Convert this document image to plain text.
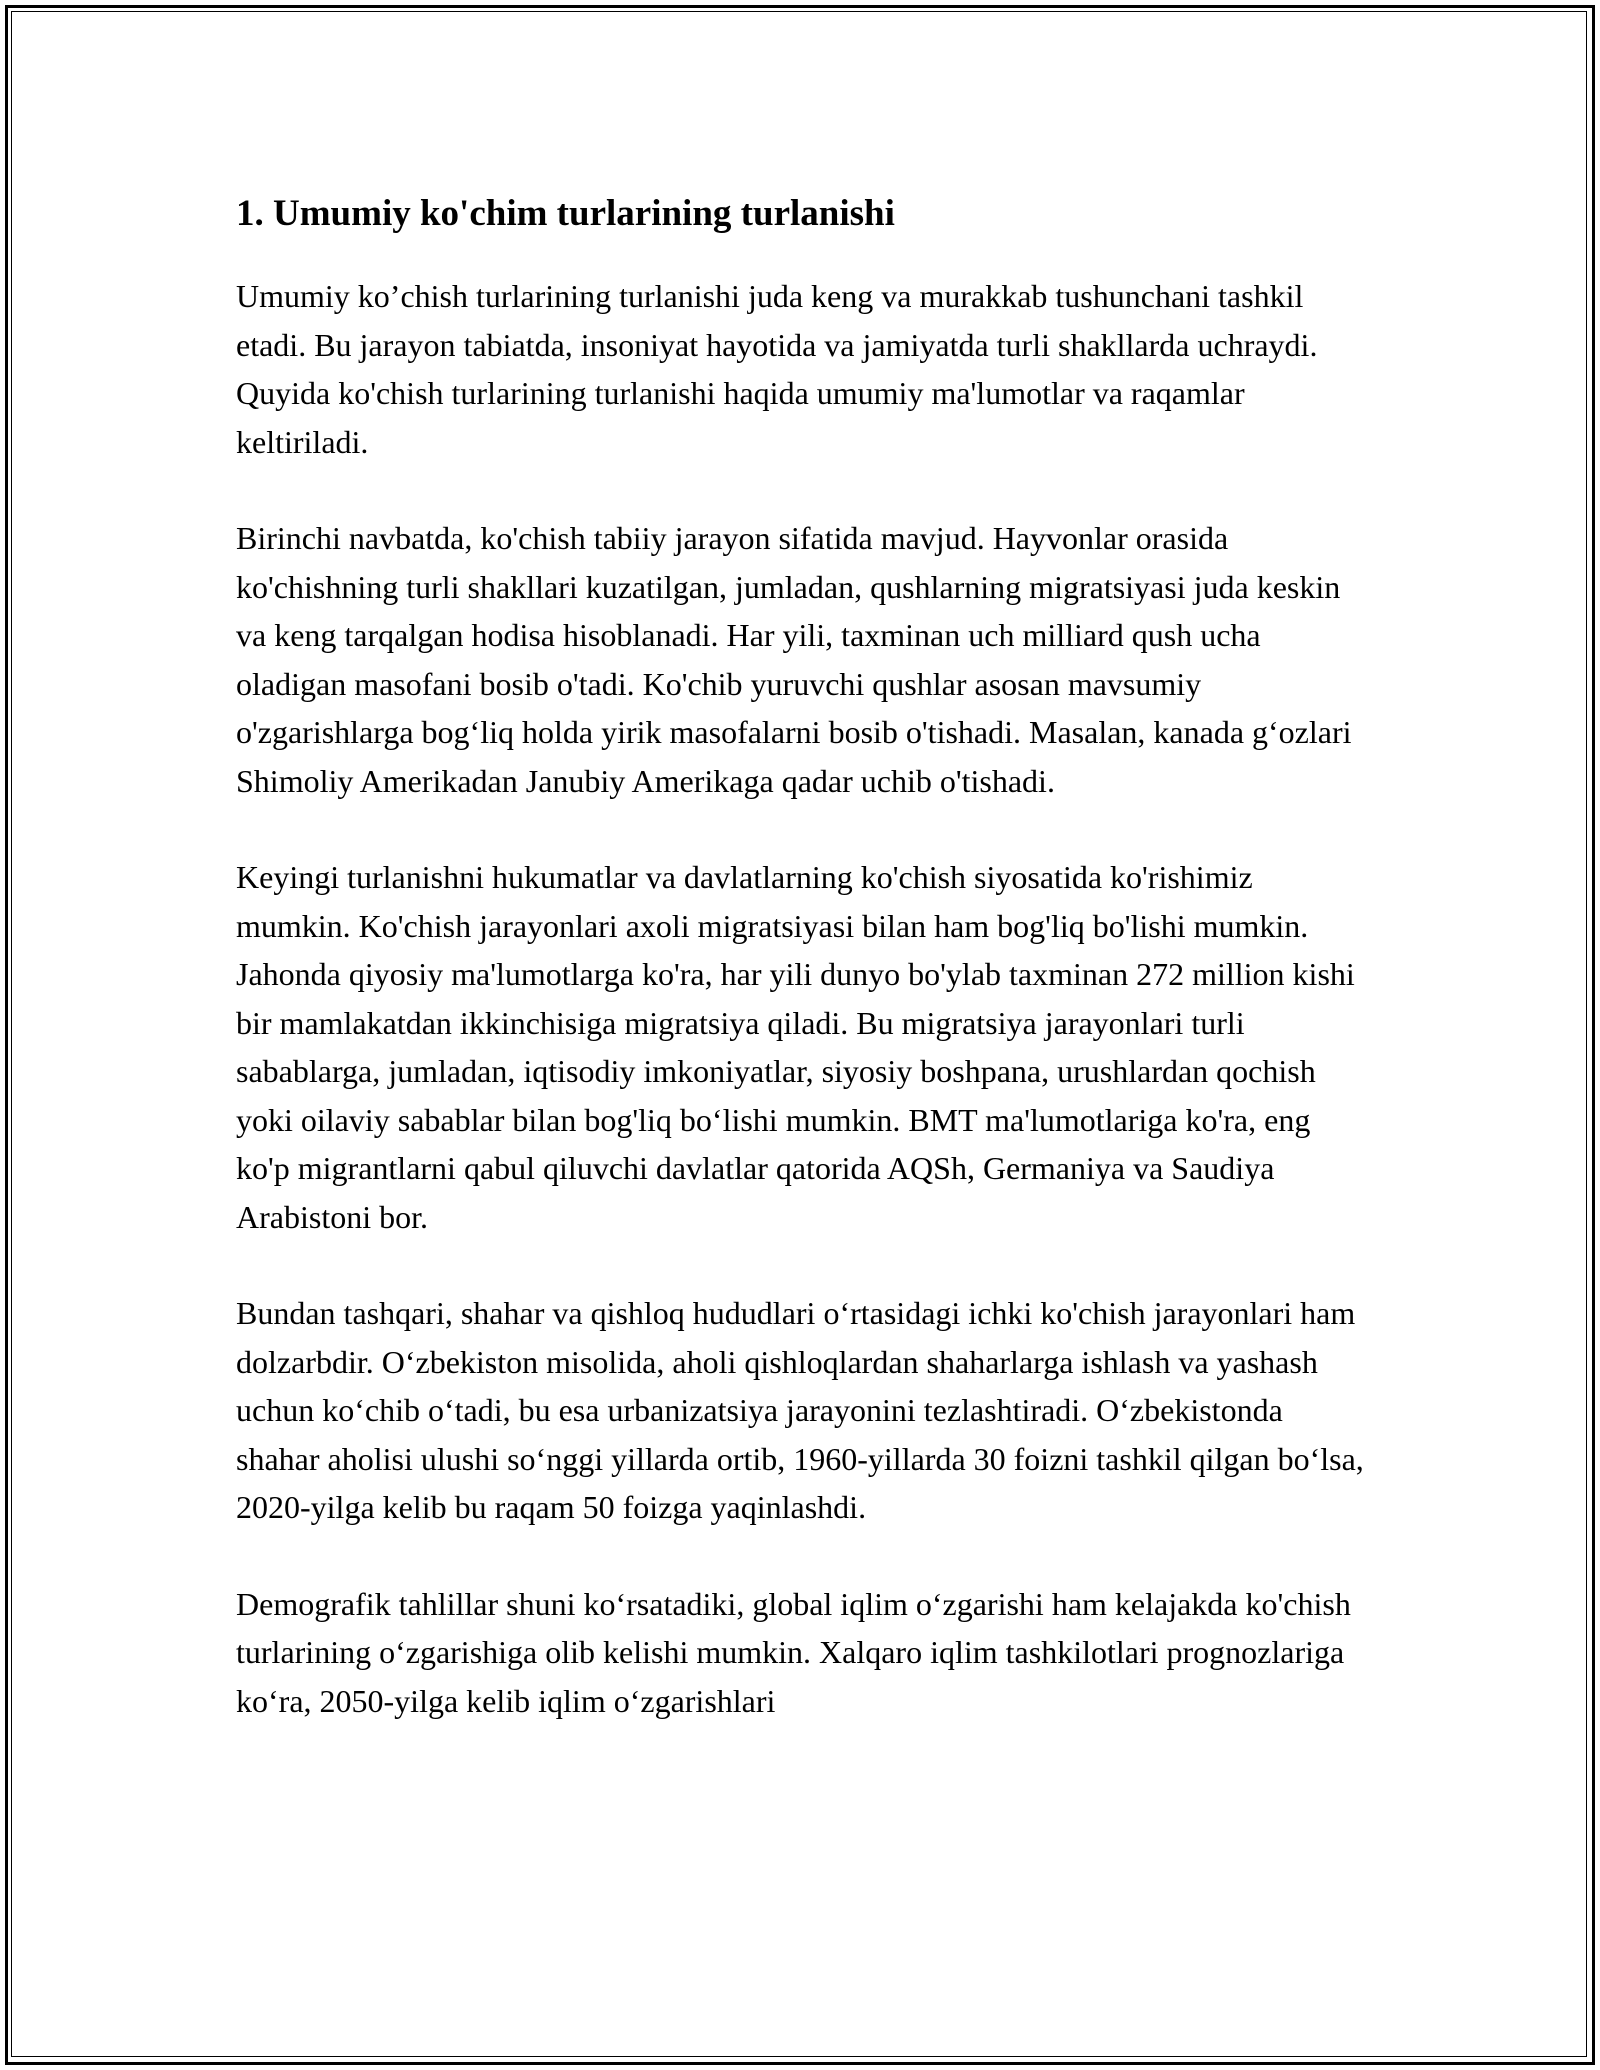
1. Umumiy ko'chim turlarining turlanishi

Umumiy ko’chish turlarining turlanishi juda keng va murakkab tushunchani tashkil etadi. Bu jarayon tabiatda, insoniyat hayotida va jamiyatda turli shakllarda uchraydi. Quyida ko'chish turlarining turlanishi haqida umumiy ma'lumotlar va raqamlar keltiriladi.

Birinchi navbatda, ko'chish tabiiy jarayon sifatida mavjud. Hayvonlar orasida ko'chishning turli shakllari kuzatilgan, jumladan, qushlarning migratsiyasi juda keskin va keng tarqalgan hodisa hisoblanadi. Har yili, taxminan uch milliard qush ucha oladigan masofani bosib o'tadi. Ko'chib yuruvchi qushlar asosan mavsumiy o'zgarishlarga bog‘liq holda yirik masofalarni bosib o'tishadi. Masalan, kanada g‘ozlari Shimoliy Amerikadan Janubiy Amerikaga qadar uchib o'tishadi.

Keyingi turlanishni hukumatlar va davlatlarning ko'chish siyosatida ko'rishimiz mumkin. Ko'chish jarayonlari axoli migratsiyasi bilan ham bog'liq bo'lishi mumkin. Jahonda qiyosiy ma'lumotlarga ko'ra, har yili dunyo bo'ylab taxminan 272 million kishi bir mamlakatdan ikkinchisiga migratsiya qiladi. Bu migratsiya jarayonlari turli sabablarga, jumladan, iqtisodiy imkoniyatlar, siyosiy boshpana, urushlardan qochish yoki oilaviy sabablar bilan bog'liq bo‘lishi mumkin. BMT ma'lumotlariga ko'ra, eng ko'p migrantlarni qabul qiluvchi davlatlar qatorida AQSh, Germaniya va Saudiya Arabistoni bor.

Bundan tashqari, shahar va qishloq hududlari o‘rtasidagi ichki ko'chish jarayonlari ham dolzarbdir. O‘zbekiston misolida, aholi qishloqlardan shaharlarga ishlash va yashash uchun ko‘chib o‘tadi, bu esa urbanizatsiya jarayonini tezlashtiradi. O‘zbekistonda shahar aholisi ulushi so‘nggi yillarda ortib, 1960-yillarda 30 foizni tashkil qilgan bo‘lsa, 2020-yilga kelib bu raqam 50 foizga yaqinlashdi.

Demografik tahlillar shuni ko‘rsatadiki, global iqlim o‘zgarishi ham kelajakda ko'chish turlarining o‘zgarishiga olib kelishi mumkin. Xalqaro iqlim tashkilotlari prognozlariga ko‘ra, 2050-yilga kelib iqlim o‘zgarishlari
